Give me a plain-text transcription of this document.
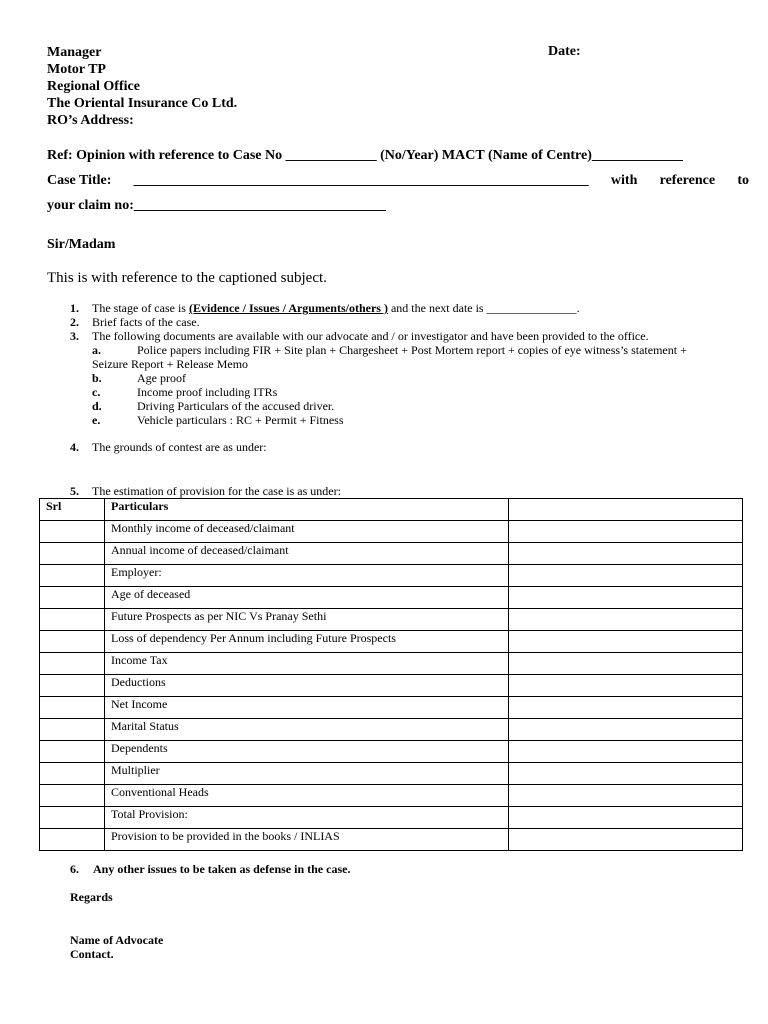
Manager
Motor TP
Regional Office
The Oriental Insurance Co Ltd.
RO’s Address:
Date:
Ref: Opinion with reference to Case No _____________ (No/Year) MACT (Name of Centre)_____________
Case Title: _________________________________________________________________ with reference to
your claim no:____________________________________
Sir/Madam
This is with reference to the captioned subject.
1.	The stage of case is (Evidence / Issues / Arguments/others ) and the next date is _______________.
2.	Brief facts of the case.
3.	The following documents are available with our advocate and / or investigator and have been provided to the office.
a.	Police papers including FIR + Site plan + Chargesheet + Post Mortem report + copies of eye witness’s statement +
Seizure Report + Release Memo
b.	Age proof
c.	Income proof including ITRs
d.	Driving Particulars of the accused driver.
e.	Vehicle particulars : RC + Permit + Fitness
4.	The grounds of contest are as under:
5.	The estimation of provision for the case is as under:
Srl	Particulars	
	Monthly income of deceased/claimant	
	Annual income of deceased/claimant	
	Employer:	
	Age of deceased	
	Future Prospects as per NIC Vs Pranay Sethi	
	Loss of dependency Per Annum including Future Prospects	
	Income Tax	
	Deductions	
	Net Income	
	Marital Status	
	Dependents	
	Multiplier	
	Conventional Heads	
	Total Provision:	
	Provision to be provided in the books / INLIAS	
6. Any other issues to be taken as defense in the case.
Regards
Name of Advocate
Contact.
